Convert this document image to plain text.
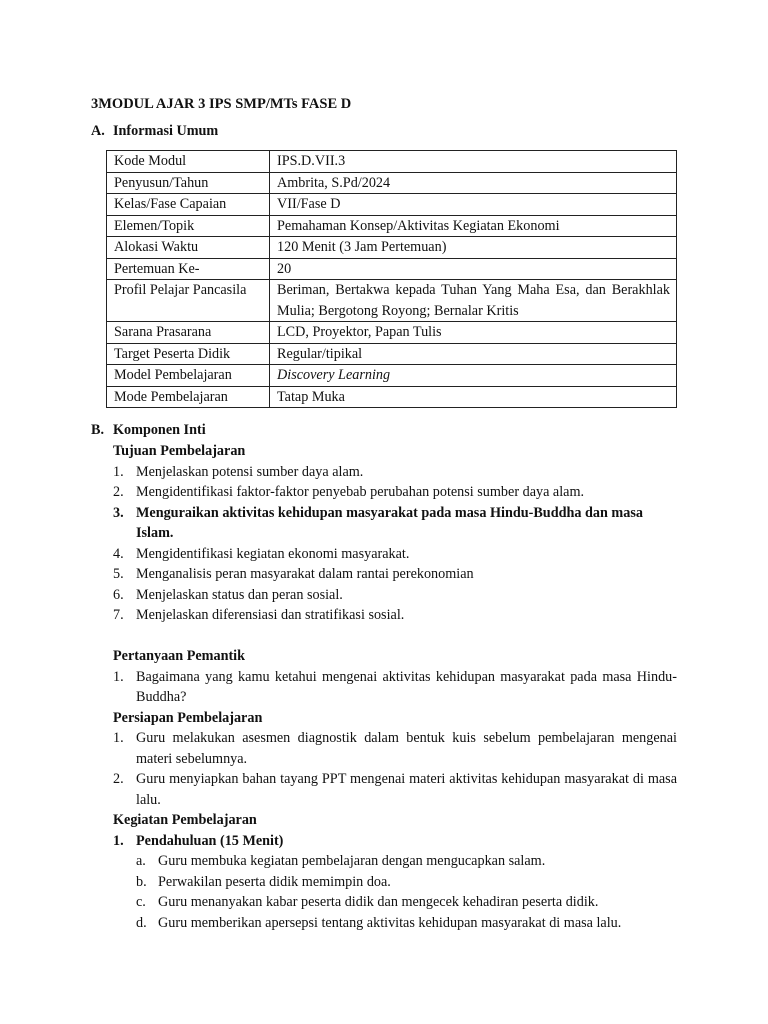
3MODUL AJAR 3 IPS SMP/MTs FASE D
A. Informasi Umum
Kode Modul	IPS.D.VII.3
Penyusun/Tahun	Ambrita, S.Pd/2024
Kelas/Fase Capaian	VII/Fase D
Elemen/Topik	Pemahaman Konsep/Aktivitas Kegiatan Ekonomi
Alokasi Waktu	120 Menit (3 Jam Pertemuan)
Pertemuan Ke-	20
Profil Pelajar Pancasila	Beriman, Bertakwa kepada Tuhan Yang Maha Esa, dan Berakhlak Mulia; Bergotong Royong; Bernalar Kritis
Sarana Prasarana	LCD, Proyektor, Papan Tulis
Target Peserta Didik	Regular/tipikal
Model Pembelajaran	Discovery Learning
Mode Pembelajaran	Tatap Muka
B. Komponen Inti

Tujuan Pembelajaran

1. Menjelaskan potensi sumber daya alam.
2. Mengidentifikasi faktor-faktor penyebab perubahan potensi sumber daya alam.
3. Menguraikan aktivitas kehidupan masyarakat pada masa Hindu-Buddha dan masa Islam.
4. Mengidentifikasi kegiatan ekonomi masyarakat.
5. Menganalisis peran masyarakat dalam rantai perekonomian
6. Menjelaskan status dan peran sosial.
7. Menjelaskan diferensiasi dan stratifikasi sosial.

Pertanyaan Pemantik

1. Bagaimana yang kamu ketahui mengenai aktivitas kehidupan masyarakat pada masa Hindu-Buddha?

Persiapan Pembelajaran

1. Guru melakukan asesmen diagnostik dalam bentuk kuis sebelum pembelajaran mengenai materi sebelumnya.
2. Guru menyiapkan bahan tayang PPT mengenai materi aktivitas kehidupan masyarakat di masa lalu.

Kegiatan Pembelajaran

1. Pendahuluan (15 Menit)
a. Guru membuka kegiatan pembelajaran dengan mengucapkan salam.
b. Perwakilan peserta didik memimpin doa.
c. Guru menanyakan kabar peserta didik dan mengecek kehadiran peserta didik.
d. Guru memberikan apersepsi tentang aktivitas kehidupan masyarakat di masa lalu.
